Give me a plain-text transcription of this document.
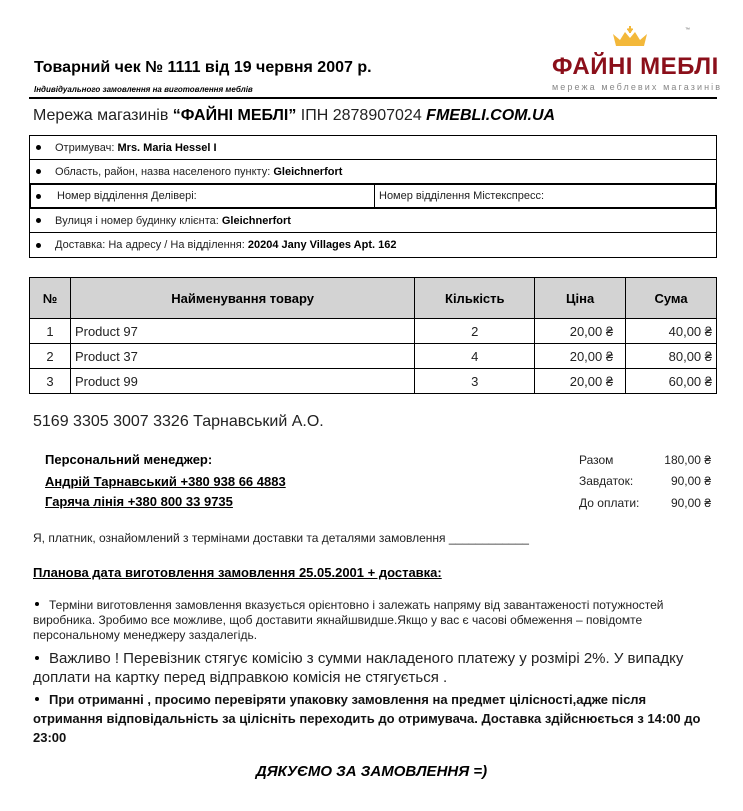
Товарний чек № 1111 від 19 червня 2007 р.
Індивідуального замовлення на виготовлення меблів
™
ФАЙНІ МЕБЛІ
мережа меблевих магазинів
Мережа магазинів “ФАЙНІ МЕБЛІ” ІПН 2878907024 FMEBLI.COM.UA
Отримувач:
Mrs. Maria Hessel I
Область, район, назва населеного пункту:
Gleichnerfort
Номер відділення Делівері:	Номер відділення Містекспресс:
Вулиця і номер будинку клієнта:
Gleichnerfort
Доставка: На адресу / На відділення:
20204 Jany Villages Apt. 162
№	Найменування товару	Кількість	Ціна	Сума
1	Product 97	2	20,00 ₴	40,00 ₴
2	Product 37	4	20,00 ₴	80,00 ₴
3	Product 99	3	20,00 ₴	60,00 ₴
5169 3305 3007 3326 Тарнавський А.О.
Персональний менеджер:
Андрій Тарнавський +380 938 66 4883
Гаряча лінія +380 800 33 9735
Разом	180,00 ₴
Завдаток:	90,00 ₴
До оплати:	90,00 ₴
Я, платник, ознайомлений з термінами доставки та деталями замовлення ____________
Планова дата виготовлення замовлення 25.05.2001 + доставка:
Терміни виготовлення замовлення вказується орієнтовно і залежать напряму від завантаженості потужностей виробника. Зробимо все можливе, щоб доставити якнайшвидше.Якщо у вас є часові обмеження – повідомте персональному менеджеру заздалегідь.
Важливо ! Перевізник стягує комісію з сумми накладеного платежу у розмірі 2%. У випадку доплати на картку перед відправкою комісія не стягується .
При отриманні , просимо перевіряти упаковку замовлення на предмет цілісності,адже після отримання відповідальність за цілісніть переходить до отримувача. Доставка здійснюється з 14:00 до 23:00
ДЯКУЄМО ЗА ЗАМОВЛЕННЯ =)
